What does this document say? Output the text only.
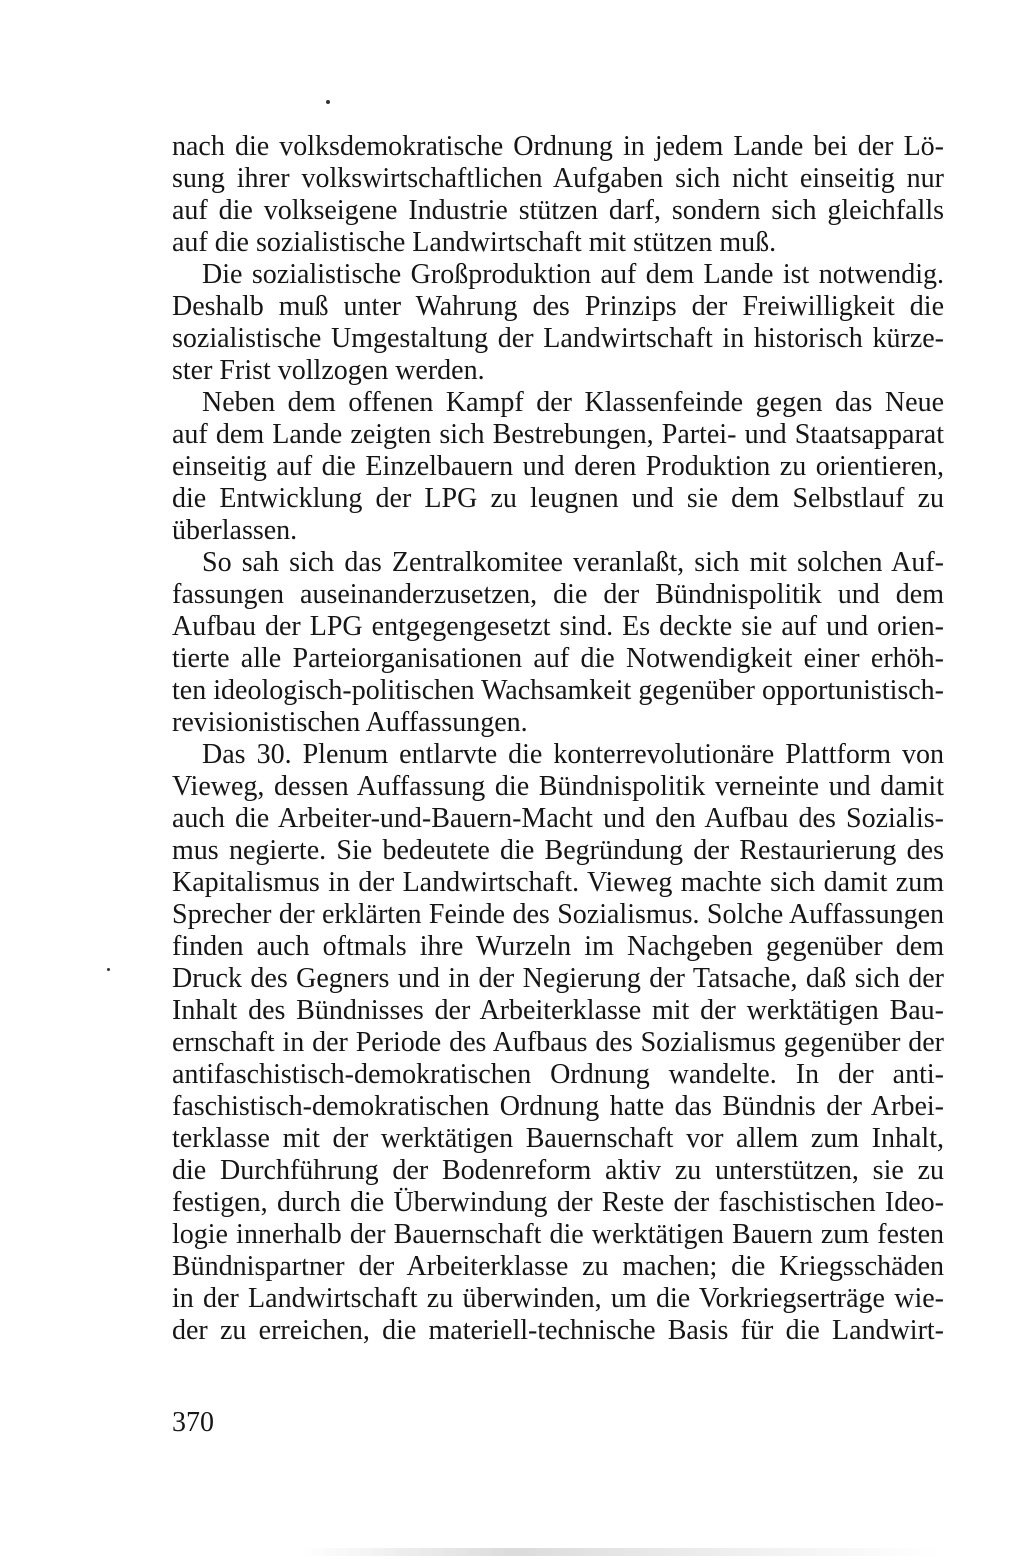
nach die volksdemokratische Ordnung in jedem Lande bei der Lö-
sung ihrer volkswirtschaftlichen Aufgaben sich nicht einseitig nur
auf die volkseigene Industrie stützen darf, sondern sich gleichfalls
auf die sozialistische Landwirtschaft mit stützen muß.
Die sozialistische Großproduktion auf dem Lande ist notwendig.
Deshalb muß unter Wahrung des Prinzips der Freiwilligkeit die
sozialistische Umgestaltung der Landwirtschaft in historisch kürze-
ster Frist vollzogen werden.
Neben dem offenen Kampf der Klassenfeinde gegen das Neue
auf dem Lande zeigten sich Bestrebungen, Partei- und Staatsapparat
einseitig auf die Einzelbauern und deren Produktion zu orientieren,
die Entwicklung der LPG zu leugnen und sie dem Selbstlauf zu
überlassen.
So sah sich das Zentralkomitee veranlaßt, sich mit solchen Auf-
fassungen auseinanderzusetzen, die der Bündnispolitik und dem
Aufbau der LPG entgegengesetzt sind. Es deckte sie auf und orien-
tierte alle Parteiorganisationen auf die Notwendigkeit einer erhöh-
ten ideologisch-politischen Wachsamkeit gegenüber opportunistisch-
revisionistischen Auffassungen.
Das 30. Plenum entlarvte die konterrevolutionäre Plattform von
Vieweg, dessen Auffassung die Bündnispolitik verneinte und damit
auch die Arbeiter-und-Bauern-Macht und den Aufbau des Sozialis-
mus negierte. Sie bedeutete die Begründung der Restaurierung des
Kapitalismus in der Landwirtschaft. Vieweg machte sich damit zum
Sprecher der erklärten Feinde des Sozialismus. Solche Auffassungen
finden auch oftmals ihre Wurzeln im Nachgeben gegenüber dem
Druck des Gegners und in der Negierung der Tatsache, daß sich der
Inhalt des Bündnisses der Arbeiterklasse mit der werktätigen Bau-
ernschaft in der Periode des Aufbaus des Sozialismus gegenüber der
antifaschistisch-demokratischen Ordnung wandelte. In der anti-
faschistisch-demokratischen Ordnung hatte das Bündnis der Arbei-
terklasse mit der werktätigen Bauernschaft vor allem zum Inhalt,
die Durchführung der Bodenreform aktiv zu unterstützen, sie zu
festigen, durch die Überwindung der Reste der faschistischen Ideo-
logie innerhalb der Bauernschaft die werktätigen Bauern zum festen
Bündnispartner der Arbeiterklasse zu machen; die Kriegsschäden
in der Landwirtschaft zu überwinden, um die Vorkriegserträge wie-
der zu erreichen, die materiell-technische Basis für die Landwirt-
370
